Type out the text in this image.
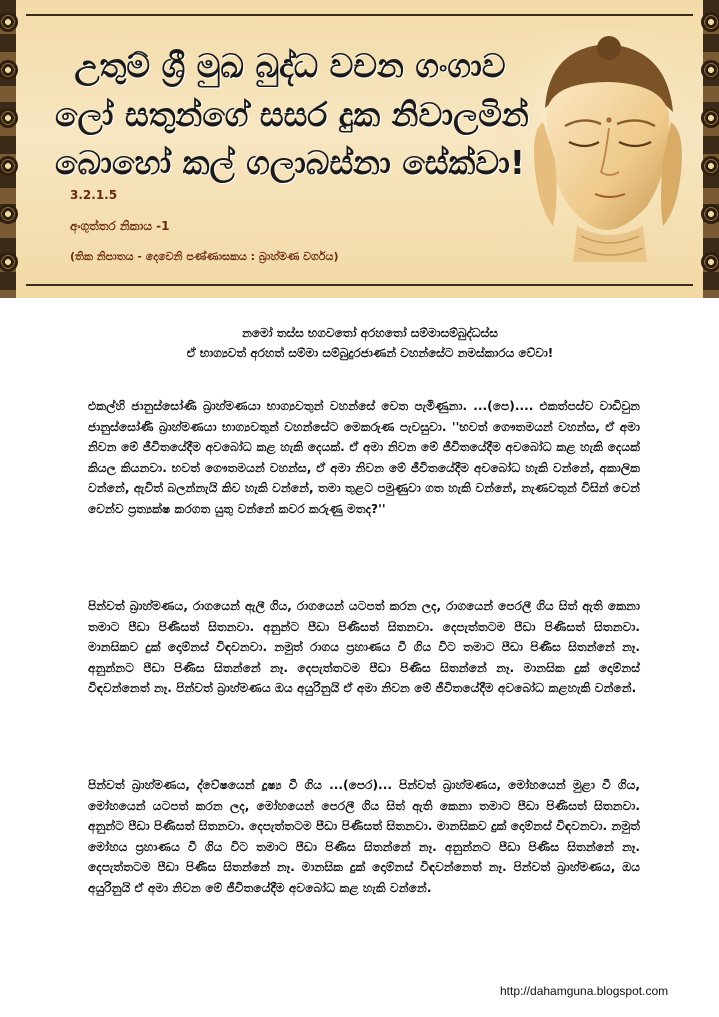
උතුම් ශ්‍රී මුඛ බුද්ධ වචන ගංගාව
ලෝ සතුන්ගේ සසර දුක නිවාලමින්
බොහෝ කල් ගලාබස්නා සේක්වා!
3.2.1.5
අංගුත්තර නිකාය -1
(තික නිපාතය - දෙවෙනි පණ්ණාසකය : බ්‍රාහ්මණ වර්ගය)
නමෝ තස්ස භගවතෝ අරහතෝ සම්මාසම්බුද්ධස්ස
ඒ භාග්‍යවත් අරහත් සම්මා සම්බුදුරජාණන් වහන්සේට නමස්කාරය වේවා!

එකල්හි ජානුස්සෝණි බ්‍රාහ්මණයා භාග්‍යවතුන් වහන්සේ වෙත පැමිණුනා. ...(පෙ).... එකත්පස්ව වාඩිවුන ජානුස්සෝණි බ්‍රාහ්මණයා භාග්‍යවතුන් වහන්සේට මෙකරුණ පැවසුවා. ''භවත් ගෞතමයන් වහන්ස, ඒ අමා නිවන මේ ජීවිතයේදීම අවබෝධ කළ හැකි දෙයක්. ඒ අමා නිවන මේ ජීවිතයේදීම අවබෝධ කළ හැකි දෙයක් කියල කියනවා. භවත් ගෞතමයන් වහන්ස, ඒ අමා නිවන මේ ජීවිතයේදීම අවබෝධ හැකි වන්නේ, අකාලික වන්නේ, ඇවිත් බලන්නැයි කිව හැකි වන්නේ, තමා තුළට පමුණුවා ගත හැකි වන්නේ, නැණවතුන් විසින් වෙන් වෙන්ව ප්‍රත්‍යක්ෂ කරගත යුතු වන්නේ කවර කරුණු මතද?''

පින්වත් බ්‍රාහ්මණය, රාගයෙන් ඇලී ගිය, රාගයෙන් යටපත් කරන ලද, රාගයෙන් පෙරලී ගිය සිත් ඇති කෙනා තමාට පීඩා පිණිසත් සිතනවා. අනුන්ට පීඩා පිණිසත් සිතනවා. දෙපැත්තටම පීඩා පිණිසත් සිතනවා. මානසිකව දුක් දොම්නස් විඳවනවා. නමුත් රාගය ප්‍රහාණය වී ගිය විට තමාට පීඩා පිණිස සිතන්නේ නෑ. අනුන්නට පීඩා පිණිස සිතන්නේ නෑ. දෙපැත්තටම පීඩා පිණිස සිතන්නේ නෑ. මානසික දුක් දොම්නස් විඳවන්නෙත් නෑ. පින්වත් බ්‍රාහ්මණය ඔය අයුරිනුයි ඒ අමා නිවන මේ ජීවිතයේදීම අවබෝධ කළහැකි වන්නේ.

පින්වත් බ්‍රාහ්මණය, ද්වේෂයෙන් දූෂ්‍ය වී ගිය ...(පෙර)... පින්වත් බ්‍රාහ්මණය, මෝහයෙන් මුළා වී ගිය, මෝහයෙන් යටපත් කරන ලද, මෝහයෙන් පෙරලී ගිය සිත් ඇති කෙනා තමාට පීඩා පිණිසත් සිතනවා. අනුන්ට පීඩා පිණිසත් සිතනවා. දෙපැත්තටම පීඩා පිණිසත් සිතනවා. මානසිකව දුක් දොම්නස් විඳවනවා. නමුත් මෝහය ප්‍රහාණය වී ගිය විට තමාට පීඩා පිණිස සිතන්නේ නෑ. අනුන්නට පීඩා පිණිස සිතන්නේ නෑ. දෙපැත්තටම පීඩා පිණිස සිතන්නේ නෑ. මානසික දුක් දොම්නස් විඳවන්නෙත් නෑ. පින්වත් බ්‍රාහ්මණය, ඔය අයුරිනුයි ඒ අමා නිවන මේ ජීවිතයේදීම අවබෝධ කළ හැකි වන්නේ.

http://dahamguna.blogspot.com
